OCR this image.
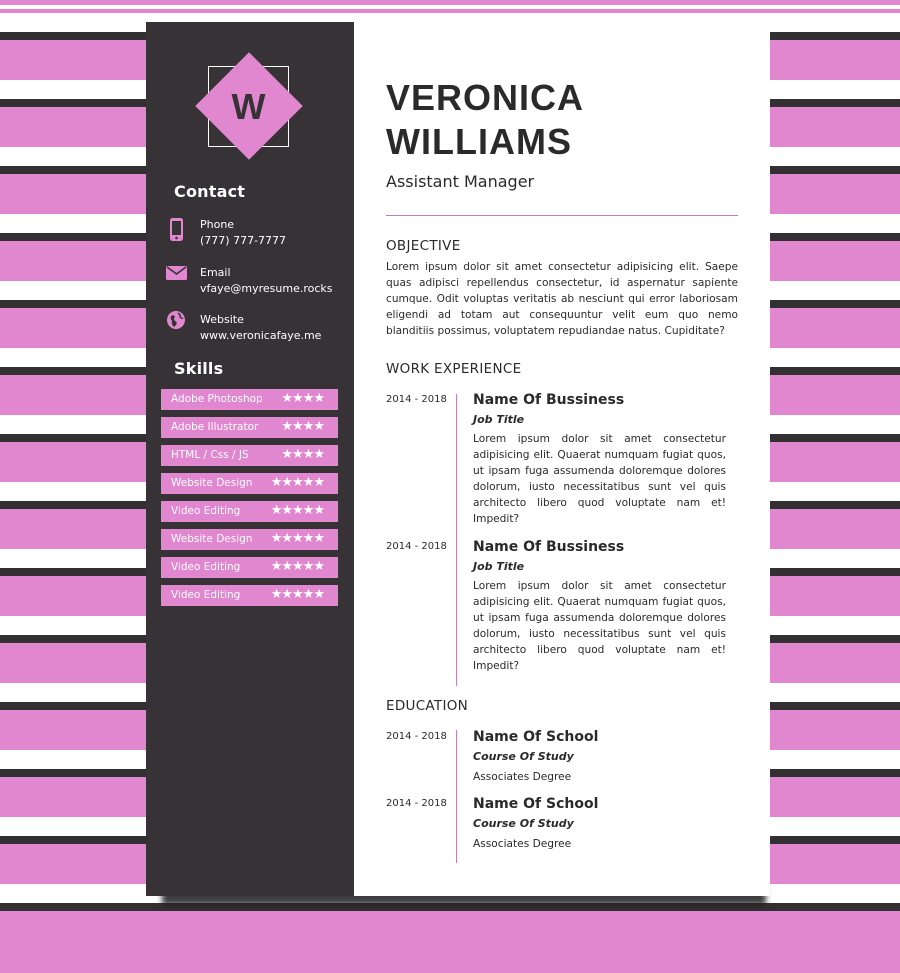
W
Contact
Phone
(777) 777-7777
Email
vfaye@myresume.rocks
Website
www.veronicafaye.me
Skills
Adobe Photoshop ★★★★
Adobe Illustrator ★★★★
HTML / Css / JS	★★★★
Website Design ★★★★★
Video Editing ★★★★★
Website Design ★★★★★
Video Editing ★★★★★
Video Editing ★★★★★
VERONICA
WILLIAMS
Assistant Manager
OBJECTIVE

Lorem ipsum dolor sit amet consectetur adipisicing elit. Saepe quas adipisci repellendus consectetur, id aspernatur sapiente cumque. Odit voluptas veritatis ab nesciunt qui error laboriosam eligendi ad totam aut consequuntur velit eum quo nemo blanditiis possimus, voluptatem repudiandae natus. Cupiditate?

WORK EXPERIENCE
2014 - 2018 Name Of Bussiness
Job Title

Lorem ipsum dolor sit amet consectetur adipisicing elit. Quaerat numquam fugiat quos, ut ipsam fuga assumenda doloremque dolores dolorum, iusto necessitatibus sunt vel quis architecto libero quod voluptate nam et! Impedit?

2014 - 2018 Name Of Bussiness
Job Title

Lorem ipsum dolor sit amet consectetur adipisicing elit. Quaerat numquam fugiat quos, ut ipsam fuga assumenda doloremque dolores dolorum, iusto necessitatibus sunt vel quis architecto libero quod voluptate nam et! Impedit?

EDUCATION
2014 - 2018 Name Of School
Course Of Study
Associates Degree
2014 - 2018 Name Of School
Course Of Study
Associates Degree
